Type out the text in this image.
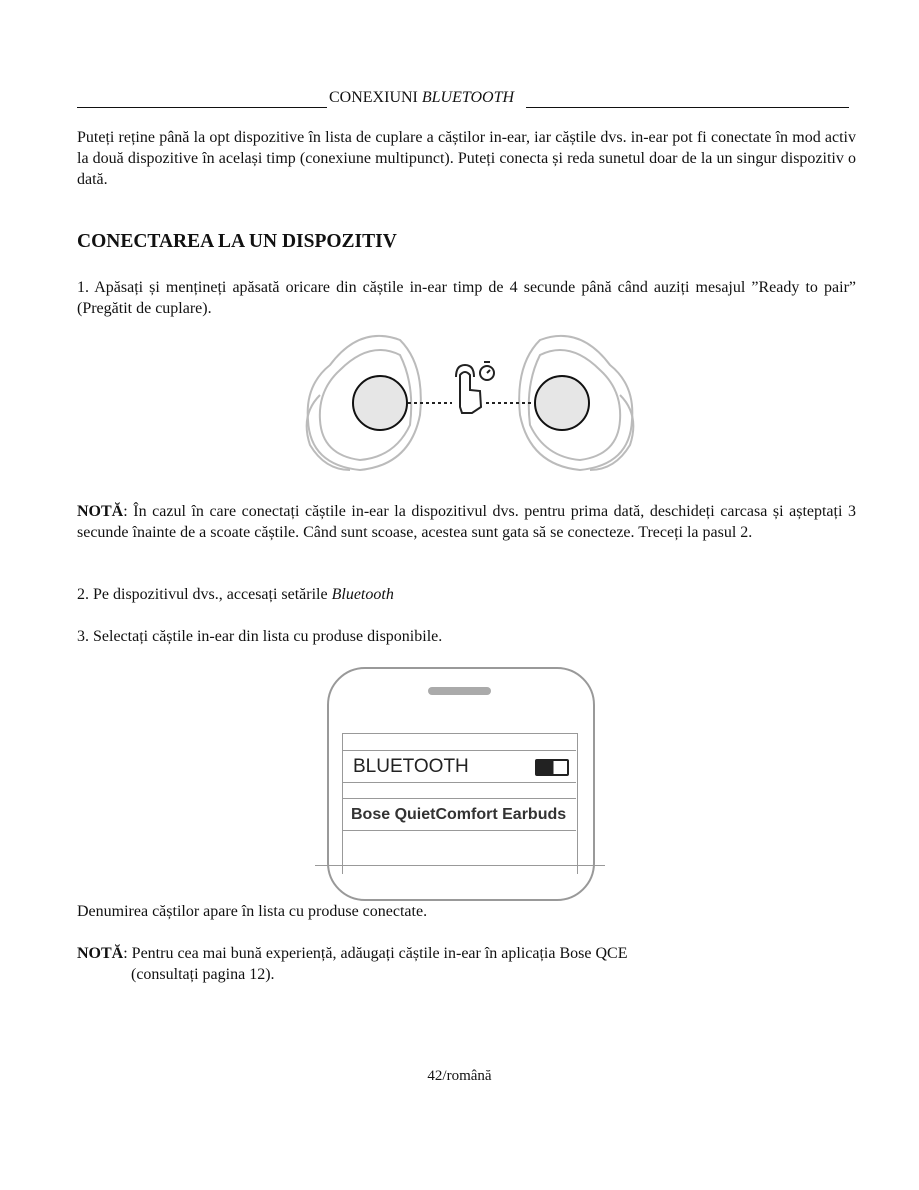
CONEXIUNI BLUETOOTH

Puteți reține până la opt dispozitive în lista de cuplare a căștilor in-ear, iar căștile dvs. in-ear pot fi conectate în mod activ la două dispozitive în același timp (conexiune multipunct). Puteți conecta și reda sunetul doar de la un singur dispozitiv o dată.

CONECTAREA LA UN DISPOZITIV

1. Apăsați și mențineți apăsată oricare din căștile in-ear timp de 4 secunde până când auziți mesajul ”Ready to pair” (Pregătit de cuplare).

NOTĂ: În cazul în care conectați căștile in-ear la dispozitivul dvs. pentru prima dată, deschideți carcasa și așteptați 3 secunde înainte de a scoate căștile. Când sunt scoase, acestea sunt gata să se conecteze. Treceți la pasul 2.

2. Pe dispozitivul dvs., accesați setările Bluetooth

3. Selectați căștile in-ear din lista cu produse disponibile.

BLUETOOTH
Bose QuietComfort Earbuds

Denumirea căștilor apare în lista cu produse conectate.

NOTĂ: Pentru cea mai bună experiență, adăugați căștile in-ear în aplicația Bose QCE
(consultați pagina 12).
42/română
